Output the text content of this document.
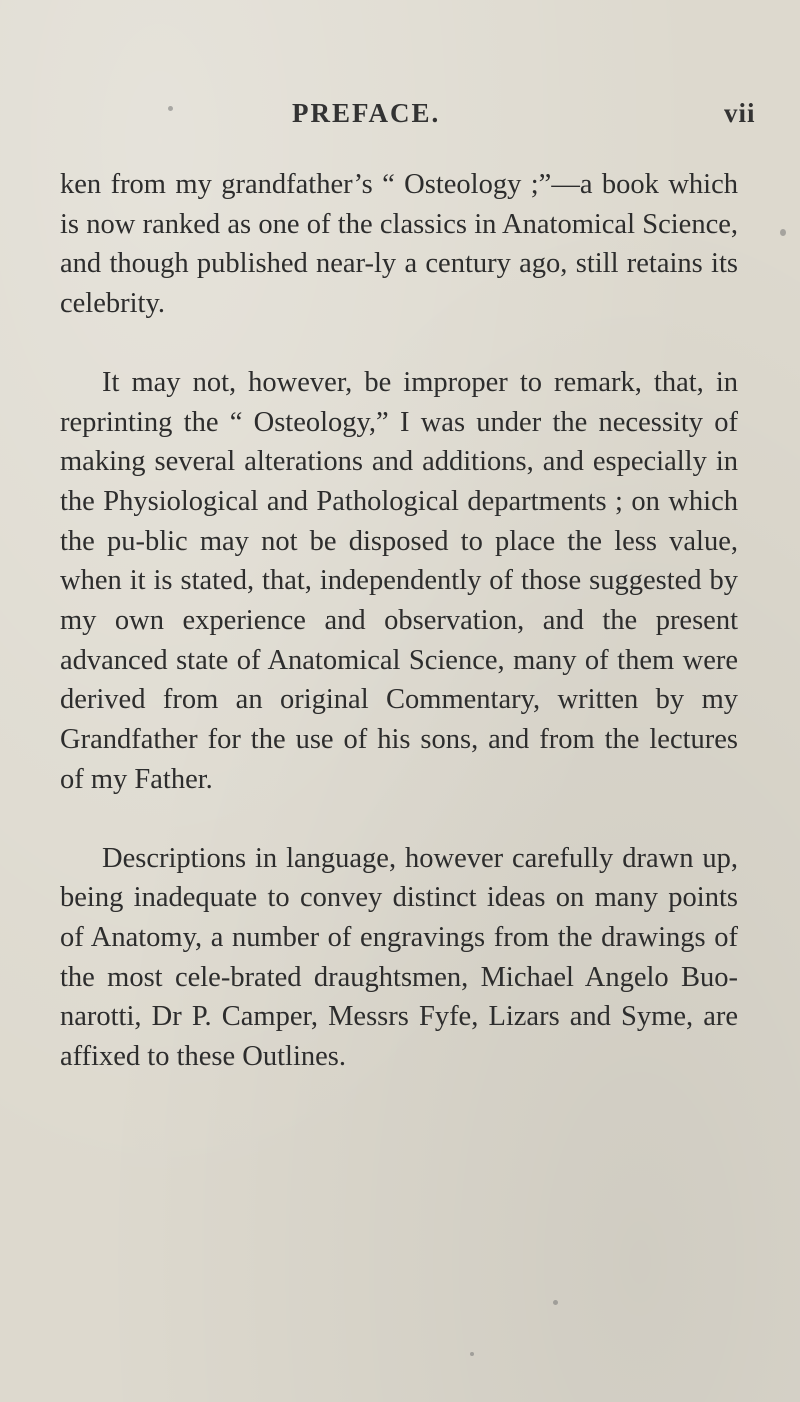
PREFACE.	vii

ken from my grandfather’s “ Osteology ;”—a book which is now ranked as one of the classics in Anatomical Science, and though published near-ly a century ago, still retains its celebrity.

It may not, however, be improper to remark, that, in reprinting the “ Osteology,” I was under the necessity of making several alterations and additions, and especially in the Physiological and Pathological departments ; on which the pu-blic may not be disposed to place the less value, when it is stated, that, independently of those suggested by my own experience and observation, and the present advanced state of Anatomical Science, many of them were derived from an original Commentary, written by my Grandfather for the use of his sons, and from the lectures of my Father.

Descriptions in language, however carefully drawn up, being inadequate to convey distinct ideas on many points of Anatomy, a number of engravings from the drawings of the most cele-brated draughtsmen, Michael Angelo Buo-narotti, Dr P. Camper, Messrs Fyfe, Lizars and Syme, are affixed to these Outlines.
